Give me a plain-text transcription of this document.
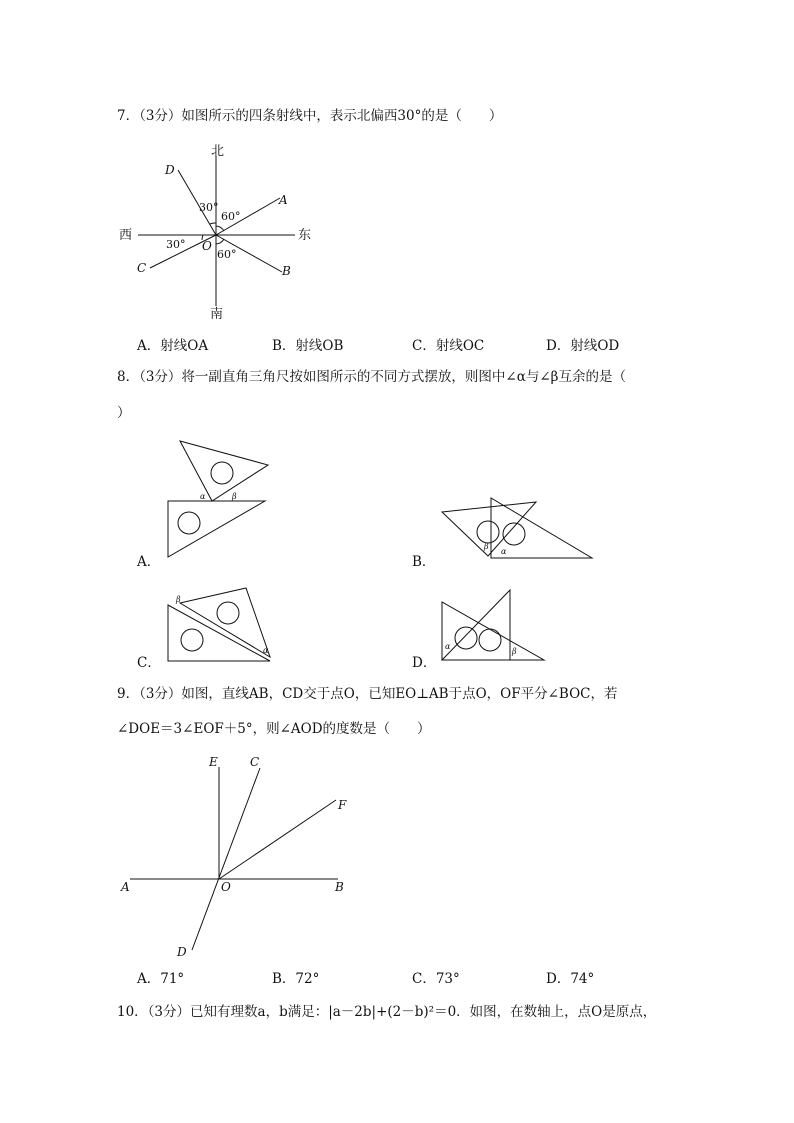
7．（3分）如图所示的四条射线中，表示北偏西30°的是（　　）
北
南
东
西
D
A
C	B
O
30°
60°
30°
60°
A．射线OA	B．射线OB	C．射线OC	D．射线OD
8．（3分）将一副直角三角尺按如图所示的不同方式摆放，则图中∠α与∠β互余的是（
）
A．
α	β
B．
β
α
C．
β
α
D．
α
β
9．（3分）如图，直线AB，CD交于点O，已知EO⊥AB于点O，OF平分∠BOC，若
∠DOE＝3∠EOF＋5°，则∠AOD的度数是（　　）
E	C
F
A	O	B
D
A．71°	B．72°	C．73°	D．74°
10．（3分）已知有理数a，b满足：|a－2b|+(2－b)²＝0．如图，在数轴上，点O是原点，
